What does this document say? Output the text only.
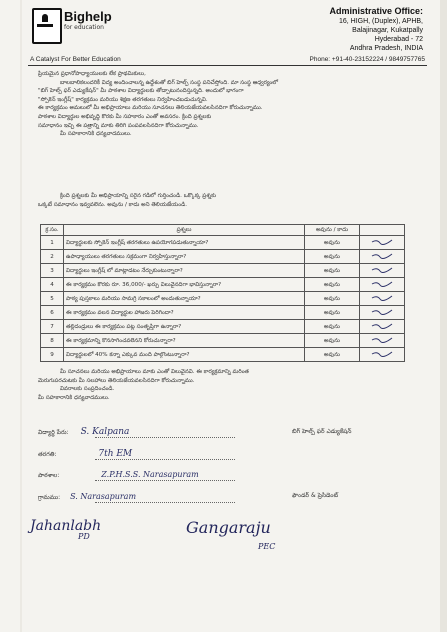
Bighelp
for education
Administrative Office:
16, HIGH, (Duplex), APHB,
Balajinagar, Kukatpally
Hyderabad - 72
Andhra Pradesh, INDIA
A Catalyst For Better Education	Phone: +91-40-23152224 / 9849757765
ప్రియమైన ప్రధానోపాధ్యాయులకు లేక ప్రాథమికులు,
బాలబాలికలందరికీ విద్య అందించాలన్న ఉద్దేశంతో బిగ్ హెల్ప్ సంస్థ పనిచేస్తోంది. మా సంస్థ ఆధ్వర్యంలో
"బిగ్ హెల్ప్ ఫర్ ఎడ్యుకేషన్" మీ పాఠశాల విద్యార్థులకు తోడ్పాటునందిస్తున్నది. అందులో భాగంగా
"స్పోకెన్ ఇంగ్లీష్" కార్యక్రమం మరియు శిక్షణ తరగతులు నిర్వహించబడుచున్నవి.
ఈ కార్యక్రమం అమలులో మీ అభిప్రాయాలు మరియు సూచనలు తెలియజేయవలసినదిగా కోరుచున్నాము.
పాఠశాల విద్యార్థుల అభివృద్ధి కొరకు మీ సహకారం ఎంతో అవసరం. క్రింది ప్రశ్నలకు
సమాధానం ఇచ్చి ఈ పత్రాన్ని మాకు తిరిగి పంపవలసినదిగా కోరుచున్నాము.
మీ సహకారానికి ధన్యవాదములు.
క్రింది ప్రశ్నలకు మీ అభిప్రాయాన్ని సరైన గడిలో గుర్తించండి. ఒక్కొక్క ప్రశ్నకు
ఒక్కటే సమాధానం ఇవ్వవలెను. అవును / కాదు అని తెలియజేయండి.
క్ర.సం.	ప్రశ్నలు	అవును / కాదు	
1	విద్యార్థులకు స్పోకెన్ ఇంగ్లీష్ తరగతులు ఉపయోగపడుతున్నాయా?	అవును	
2	ఉపాధ్యాయులు తరగతులు సక్రమంగా నిర్వహిస్తున్నారా?	అవును	
3	విద్యార్థులు ఇంగ్లీష్ లో మాట్లాడటం నేర్చుకుంటున్నారా?	అవును	
4	ఈ కార్యక్రమం కొరకు రూ. 36,000/- ఖర్చు విలువైనదిగా భావిస్తున్నారా?	అవును	
5	పాఠ్య పుస్తకాలు మరియు సామగ్రి సకాలంలో అందుతున్నాయా?	అవును	
6	ఈ కార్యక్రమం వలన విద్యార్థుల హాజరు పెరిగిందా?	అవును	
7	తల్లిదండ్రులు ఈ కార్యక్రమం పట్ల సంతృప్తిగా ఉన్నారా?	అవును	
8	ఈ కార్యక్రమాన్ని కొనసాగించవలెనని కోరుచున్నారా?	అవును	
9	విద్యార్థులలో 40% కన్నా ఎక్కువ మంది పాల్గొంటున్నారా?	అవును	
మీ సూచనలు మరియు అభిప్రాయాలు మాకు ఎంతో విలువైనవి. ఈ కార్యక్రమాన్ని మరింత
మెరుగుపరచుటకు మీ సలహాలు తెలియజేయవలసినదిగా కోరుచున్నాము.
వివరాలకు సంప్రదించండి.
మీ సహకారానికి ధన్యవాదములు.
విద్యార్థి పేరు: S. Kalpana	బిగ్ హెల్ప్ ఫర్ ఎడ్యుకేషన్
తరగతి:	7th EM
పాఠశాల:	Z.P.H.S.S. Narasapuram
గ్రామము: S. Narasapuram	ఫౌండర్ & ప్రెసిడెంట్
Jahanlabh
PD	Gangaraju
PEC
